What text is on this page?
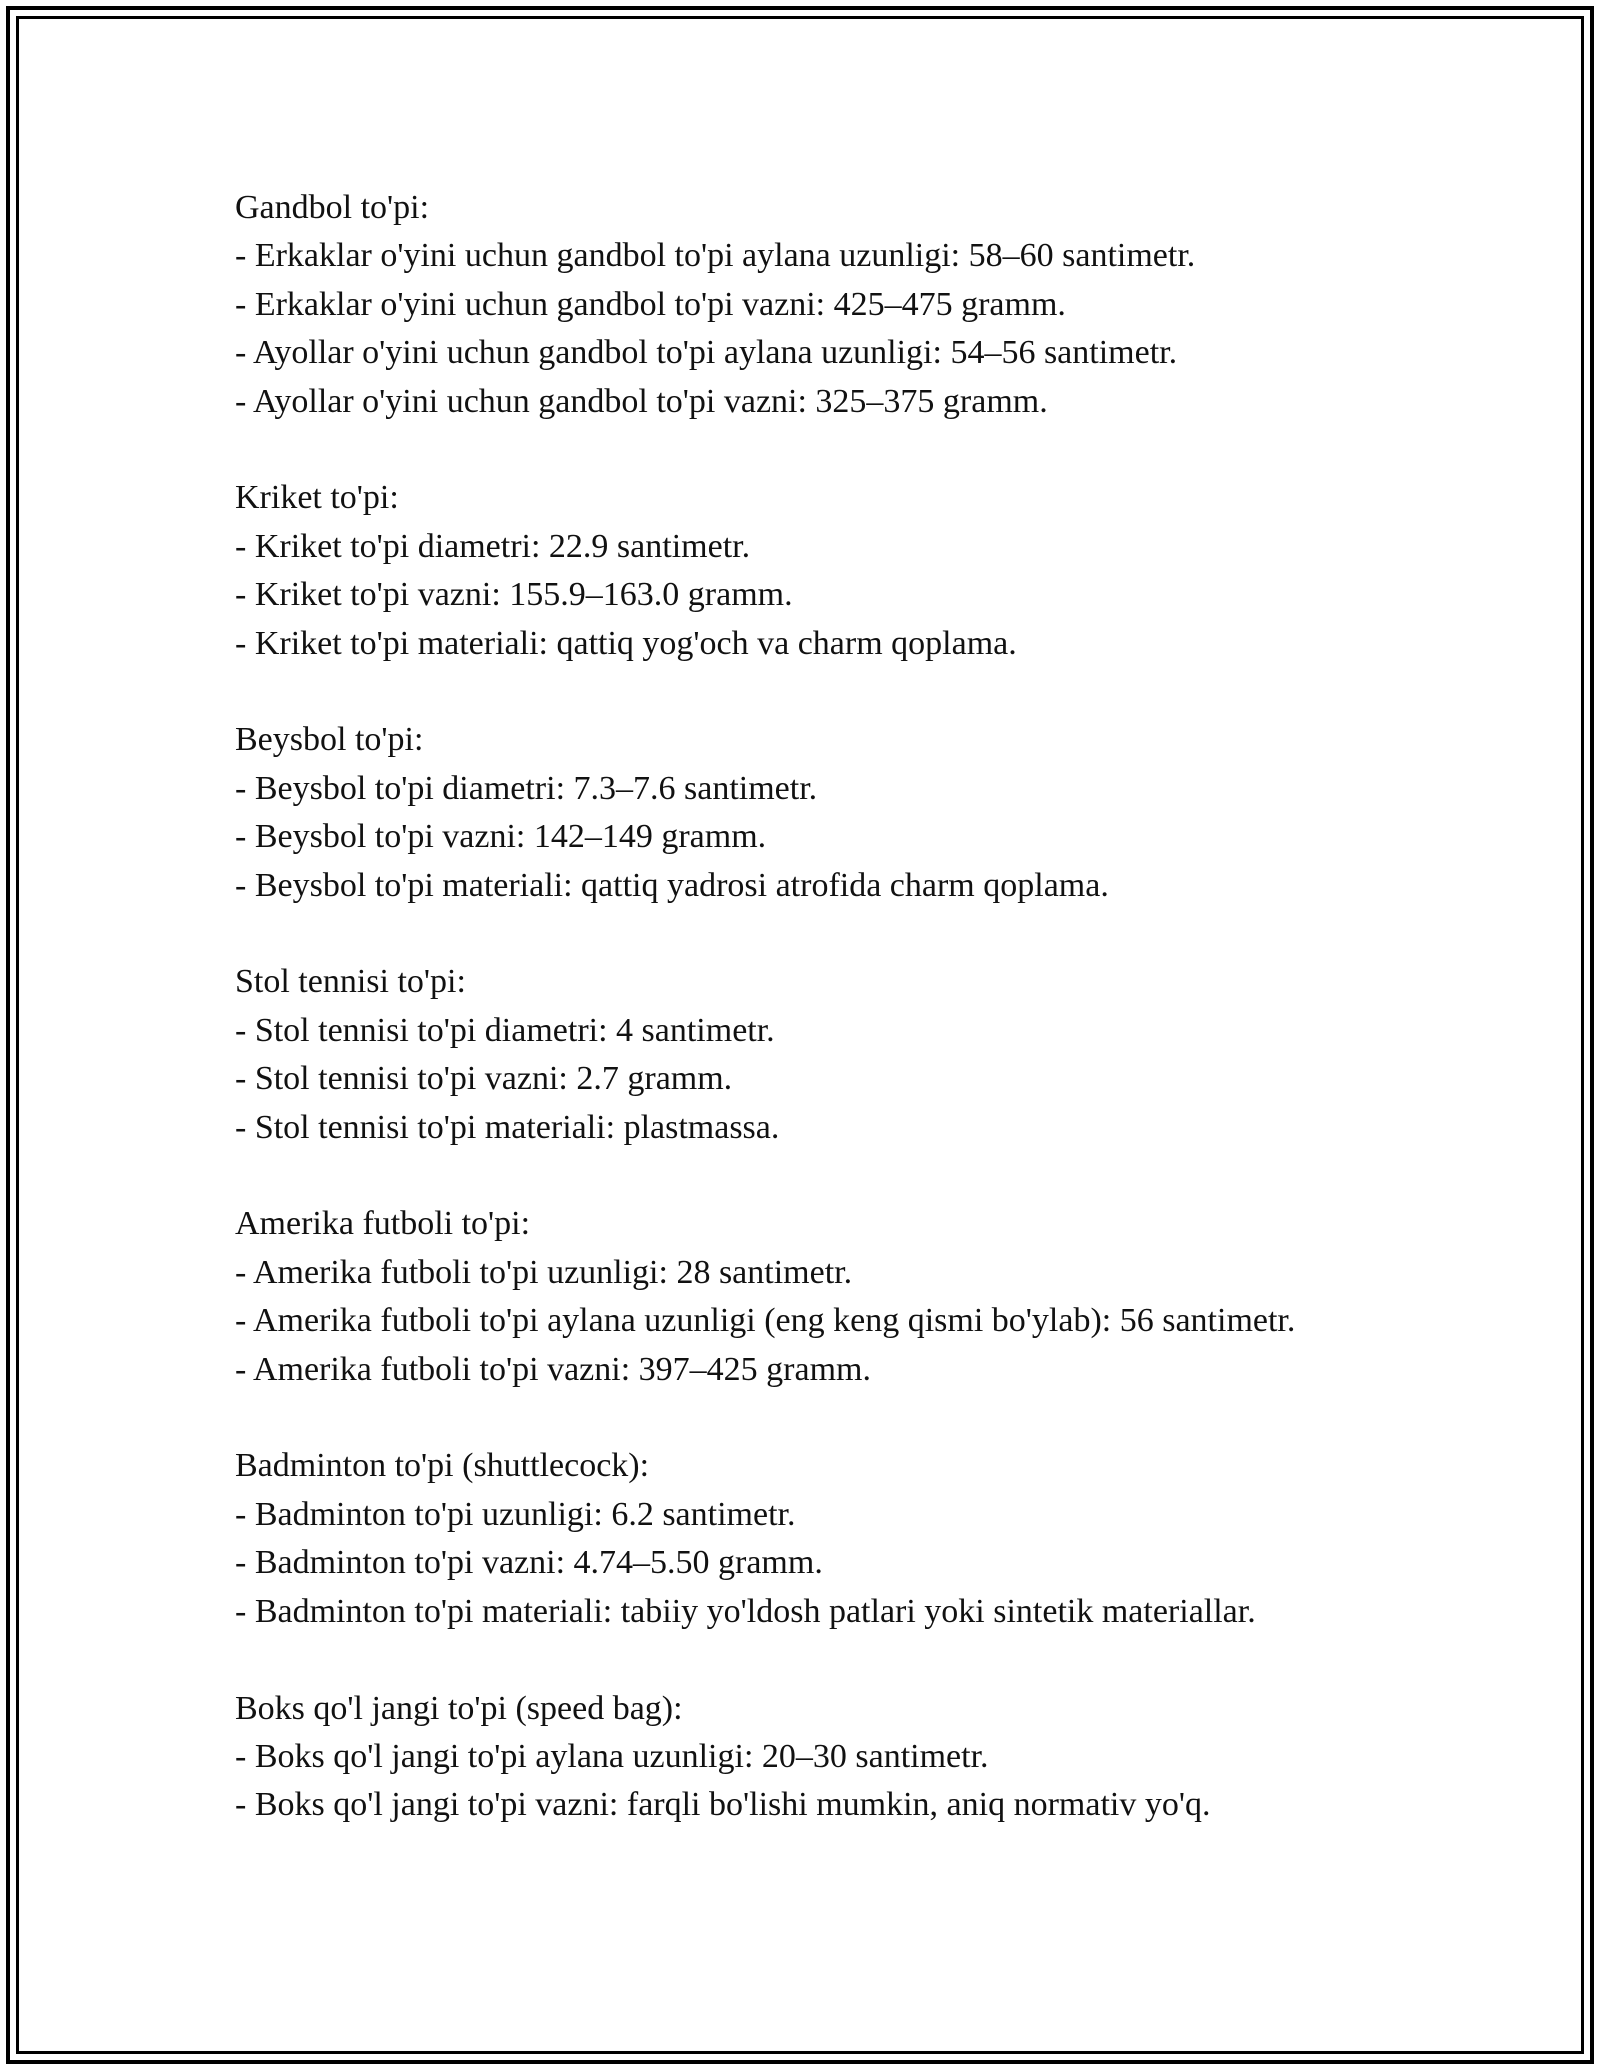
Gandbol to'pi:

- Erkaklar o'yini uchun gandbol to'pi aylana uzunligi: 58–60 santimetr.

- Erkaklar o'yini uchun gandbol to'pi vazni: 425–475 gramm.

- Ayollar o'yini uchun gandbol to'pi aylana uzunligi: 54–56 santimetr.

- Ayollar o'yini uchun gandbol to'pi vazni: 325–375 gramm.

Kriket to'pi:

- Kriket to'pi diametri: 22.9 santimetr.

- Kriket to'pi vazni: 155.9–163.0 gramm.

- Kriket to'pi materiali: qattiq yog'och va charm qoplama.

Beysbol to'pi:

- Beysbol to'pi diametri: 7.3–7.6 santimetr.

- Beysbol to'pi vazni: 142–149 gramm.

- Beysbol to'pi materiali: qattiq yadrosi atrofida charm qoplama.

Stol tennisi to'pi:

- Stol tennisi to'pi diametri: 4 santimetr.

- Stol tennisi to'pi vazni: 2.7 gramm.

- Stol tennisi to'pi materiali: plastmassa.

Amerika futboli to'pi:

- Amerika futboli to'pi uzunligi: 28 santimetr.

- Amerika futboli to'pi aylana uzunligi (eng keng qismi bo'ylab): 56 santimetr.

- Amerika futboli to'pi vazni: 397–425 gramm.

Badminton to'pi (shuttlecock):

- Badminton to'pi uzunligi: 6.2 santimetr.

- Badminton to'pi vazni: 4.74–5.50 gramm.

- Badminton to'pi materiali: tabiiy yo'ldosh patlari yoki sintetik materiallar.

Boks qo'l jangi to'pi (speed bag):

- Boks qo'l jangi to'pi aylana uzunligi: 20–30 santimetr.

- Boks qo'l jangi to'pi vazni: farqli bo'lishi mumkin, aniq normativ yo'q.
